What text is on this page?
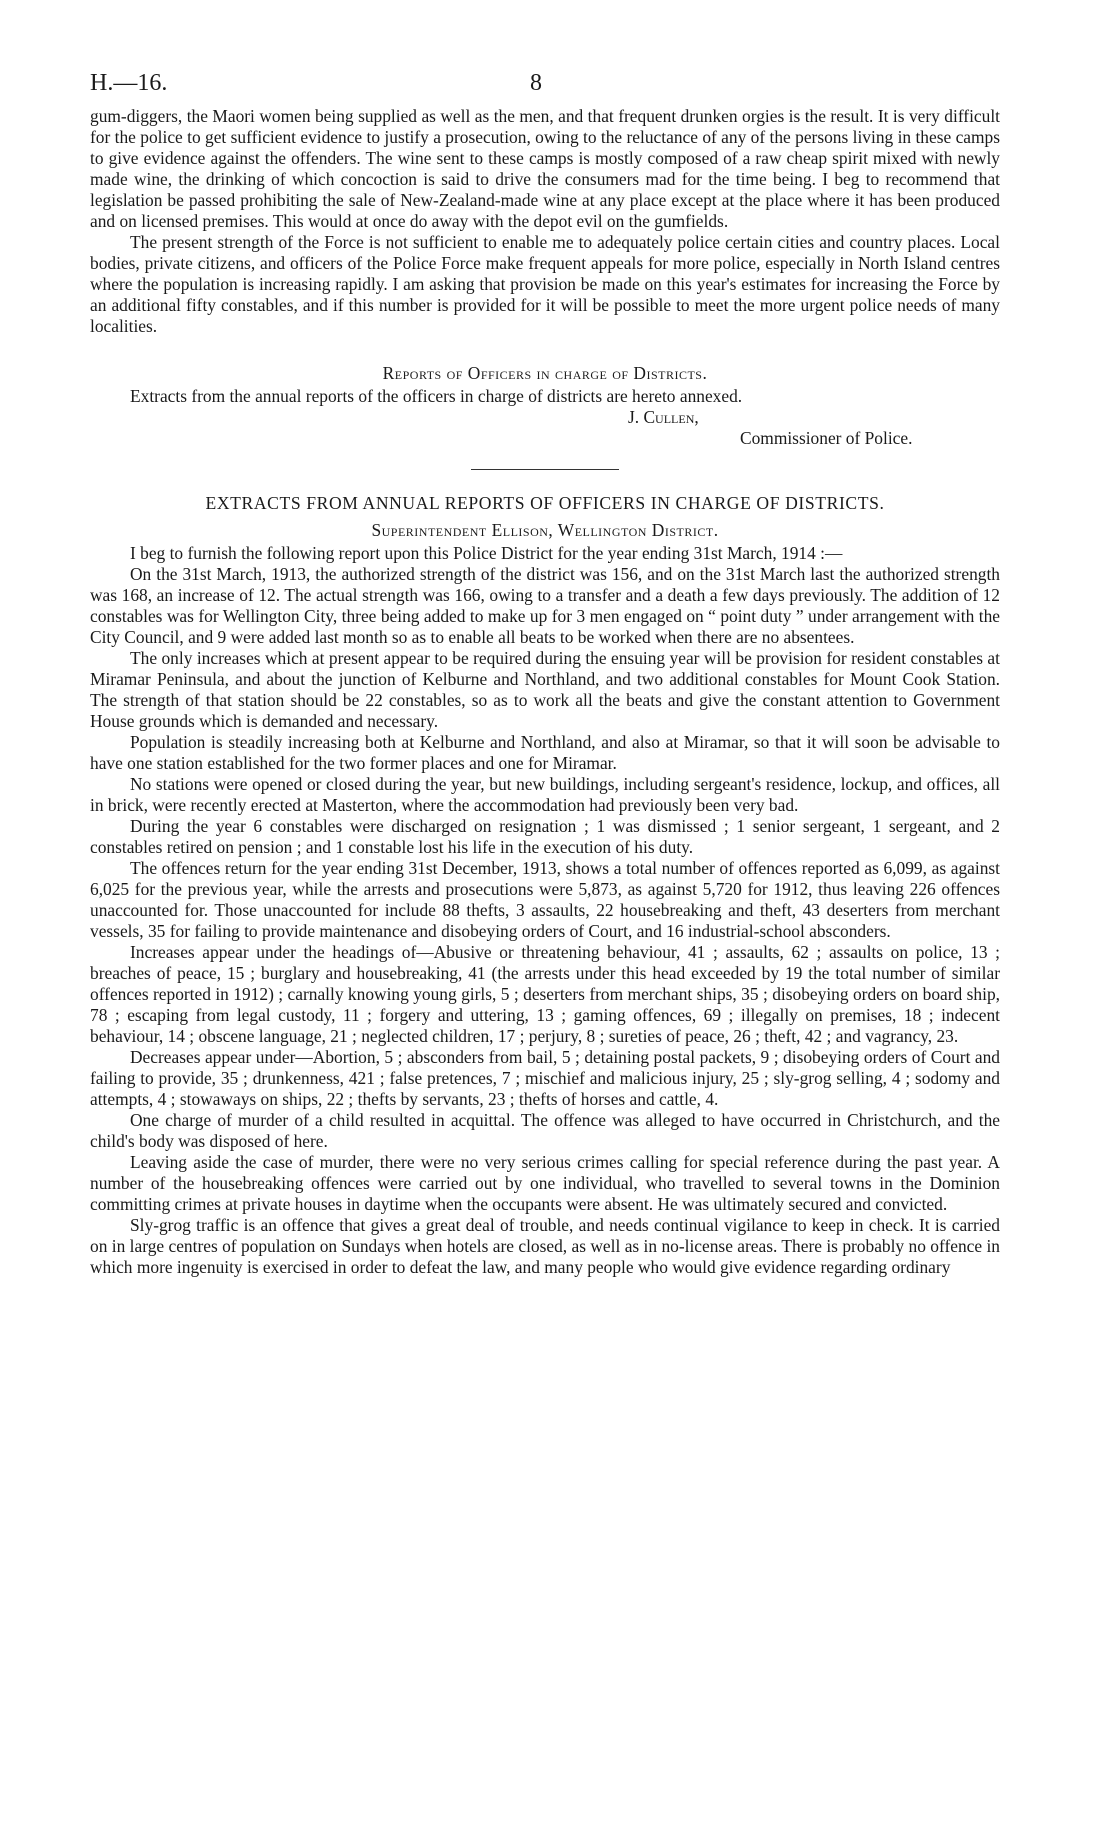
H.—16.	8

gum-diggers, the Maori women being supplied as well as the men, and that frequent drunken orgies is the result. It is very difficult for the police to get sufficient evidence to justify a prosecution, owing to the reluctance of any of the persons living in these camps to give evidence against the offenders. The wine sent to these camps is mostly composed of a raw cheap spirit mixed with newly made wine, the drinking of which concoction is said to drive the consumers mad for the time being. I beg to recommend that legislation be passed prohibiting the sale of New-Zealand-made wine at any place except at the place where it has been produced and on licensed premises. This would at once do away with the depot evil on the gumfields.

The present strength of the Force is not sufficient to enable me to adequately police certain cities and country places. Local bodies, private citizens, and officers of the Police Force make frequent appeals for more police, especially in North Island centres where the population is increasing rapidly. I am asking that provision be made on this year's estimates for increasing the Force by an additional fifty constables, and if this number is provided for it will be possible to meet the more urgent police needs of many localities.

Reports of Officers in charge of Districts.

Extracts from the annual reports of the officers in charge of districts are hereto annexed.

J. Cullen,
Commissioner of Police.
EXTRACTS FROM ANNUAL REPORTS OF OFFICERS IN CHARGE OF DISTRICTS.
Superintendent Ellison, Wellington District.

I beg to furnish the following report upon this Police District for the year ending 31st March, 1914 :—

On the 31st March, 1913, the authorized strength of the district was 156, and on the 31st March last the authorized strength was 168, an increase of 12. The actual strength was 166, owing to a transfer and a death a few days previously. The addition of 12 constables was for Wellington City, three being added to make up for 3 men engaged on “ point duty ” under arrangement with the City Council, and 9 were added last month so as to enable all beats to be worked when there are no absentees.

The only increases which at present appear to be required during the ensuing year will be provision for resident constables at Miramar Peninsula, and about the junction of Kelburne and Northland, and two additional constables for Mount Cook Station. The strength of that station should be 22 constables, so as to work all the beats and give the constant attention to Government House grounds which is demanded and necessary.

Population is steadily increasing both at Kelburne and Northland, and also at Miramar, so that it will soon be advisable to have one station established for the two former places and one for Miramar.

No stations were opened or closed during the year, but new buildings, including sergeant's residence, lockup, and offices, all in brick, were recently erected at Masterton, where the accommodation had previously been very bad.

During the year 6 constables were discharged on resignation ; 1 was dismissed ; 1 senior sergeant, 1 sergeant, and 2 constables retired on pension ; and 1 constable lost his life in the execution of his duty.

The offences return for the year ending 31st December, 1913, shows a total number of offences reported as 6,099, as against 6,025 for the previous year, while the arrests and prosecutions were 5,873, as against 5,720 for 1912, thus leaving 226 offences unaccounted for. Those unaccounted for include 88 thefts, 3 assaults, 22 housebreaking and theft, 43 deserters from merchant vessels, 35 for failing to provide maintenance and disobeying orders of Court, and 16 industrial-school absconders.

Increases appear under the headings of—Abusive or threatening behaviour, 41 ; assaults, 62 ; assaults on police, 13 ; breaches of peace, 15 ; burglary and housebreaking, 41 (the arrests under this head exceeded by 19 the total number of similar offences reported in 1912) ; carnally knowing young girls, 5 ; deserters from merchant ships, 35 ; disobeying orders on board ship, 78 ; escaping from legal custody, 11 ; forgery and uttering, 13 ; gaming offences, 69 ; illegally on premises, 18 ; indecent behaviour, 14 ; obscene language, 21 ; neglected children, 17 ; perjury, 8 ; sureties of peace, 26 ; theft, 42 ; and vagrancy, 23.

Decreases appear under—Abortion, 5 ; absconders from bail, 5 ; detaining postal packets, 9 ; disobeying orders of Court and failing to provide, 35 ; drunkenness, 421 ; false pretences, 7 ; mischief and malicious injury, 25 ; sly-grog selling, 4 ; sodomy and attempts, 4 ; stowaways on ships, 22 ; thefts by servants, 23 ; thefts of horses and cattle, 4.

One charge of murder of a child resulted in acquittal. The offence was alleged to have occurred in Christchurch, and the child's body was disposed of here.

Leaving aside the case of murder, there were no very serious crimes calling for special reference during the past year. A number of the housebreaking offences were carried out by one individual, who travelled to several towns in the Dominion committing crimes at private houses in daytime when the occupants were absent. He was ultimately secured and convicted.

Sly-grog traffic is an offence that gives a great deal of trouble, and needs continual vigilance to keep in check. It is carried on in large centres of population on Sundays when hotels are closed, as well as in no-license areas. There is probably no offence in which more ingenuity is exercised in order to defeat the law, and many people who would give evidence regarding ordinary
